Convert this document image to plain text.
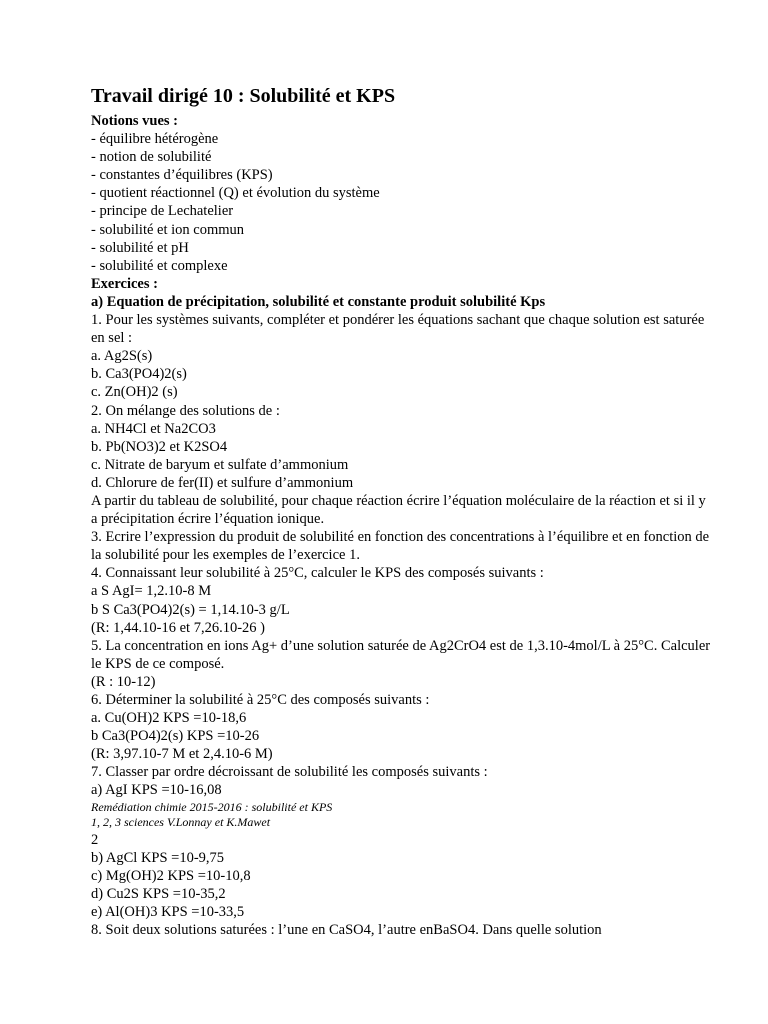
Travail dirigé 10 : Solubilité et KPS
Notions vues :
- équilibre hétérogène
- notion de solubilité
- constantes d’équilibres (KPS)
- quotient réactionnel (Q) et évolution du système
- principe de Lechatelier
- solubilité et ion commun
- solubilité et pH
- solubilité et complexe
Exercices :
a) Equation de précipitation, solubilité et constante produit solubilité Kps
1. Pour les systèmes suivants, compléter et pondérer les équations sachant que chaque solution est saturée en sel :
a. Ag2S(s)
b. Ca3(PO4)2(s)
c. Zn(OH)2 (s)
2. On mélange des solutions de :
a. NH4Cl et Na2CO3
b. Pb(NO3)2 et K2SO4
c. Nitrate de baryum et sulfate d’ammonium
d. Chlorure de fer(II) et sulfure d’ammonium
A partir du tableau de solubilité, pour chaque réaction écrire l’équation moléculaire de la réaction et si il y a précipitation écrire l’équation ionique.
3. Ecrire l’expression du produit de solubilité en fonction des concentrations à l’équilibre et en fonction de la solubilité pour les exemples de l’exercice 1.
4. Connaissant leur solubilité à 25°C, calculer le KPS des composés suivants :
a S AgI= 1,2.10-8 M
b S Ca3(PO4)2(s) = 1,14.10-3 g/L
(R: 1,44.10-16 et 7,26.10-26 )
5. La concentration en ions Ag+ d’une solution saturée de Ag2CrO4 est de 1,3.10-4mol/L à 25°C. Calculer le KPS de ce composé.
(R : 10-12)
6. Déterminer la solubilité à 25°C des composés suivants :
a. Cu(OH)2 KPS =10-18,6
b Ca3(PO4)2(s) KPS =10-26
(R: 3,97.10-7 M et 2,4.10-6 M)
7. Classer par ordre décroissant de solubilité les composés suivants :
a) AgI KPS =10-16,08
Remédiation chimie 2015-2016 : solubilité et KPS
1, 2, 3 sciences V.Lonnay et K.Mawet
2
b) AgCl KPS =10-9,75
c) Mg(OH)2 KPS =10-10,8
d) Cu2S KPS =10-35,2
e) Al(OH)3 KPS =10-33,5
8. Soit deux solutions saturées : l’une en CaSO4, l’autre enBaSO4. Dans quelle solution
